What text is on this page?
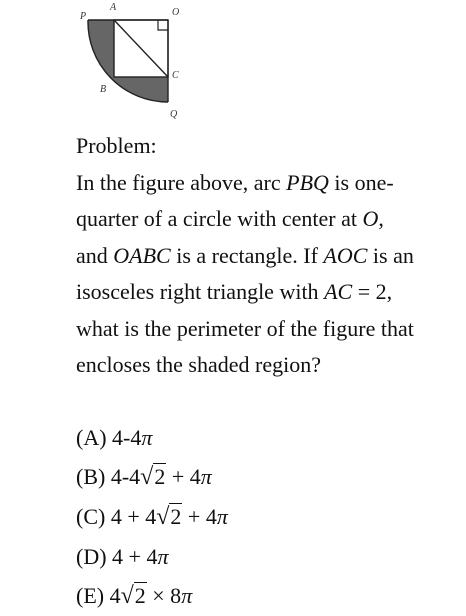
P
A	O
C
B
Q

Problem:

In the figure above, arc PBQ is one-
quarter of a circle with center at O,
and OABC is a rectangle. If AOC is an
isosceles right triangle with AC = 2,
what is the perimeter of the figure that
encloses the shaded region?

(A) 4-4π
(B) 4-4√2 + 4π
(C) 4 + 4√2 + 4π
(D) 4 + 4π
(E) 4√2 × 8π
